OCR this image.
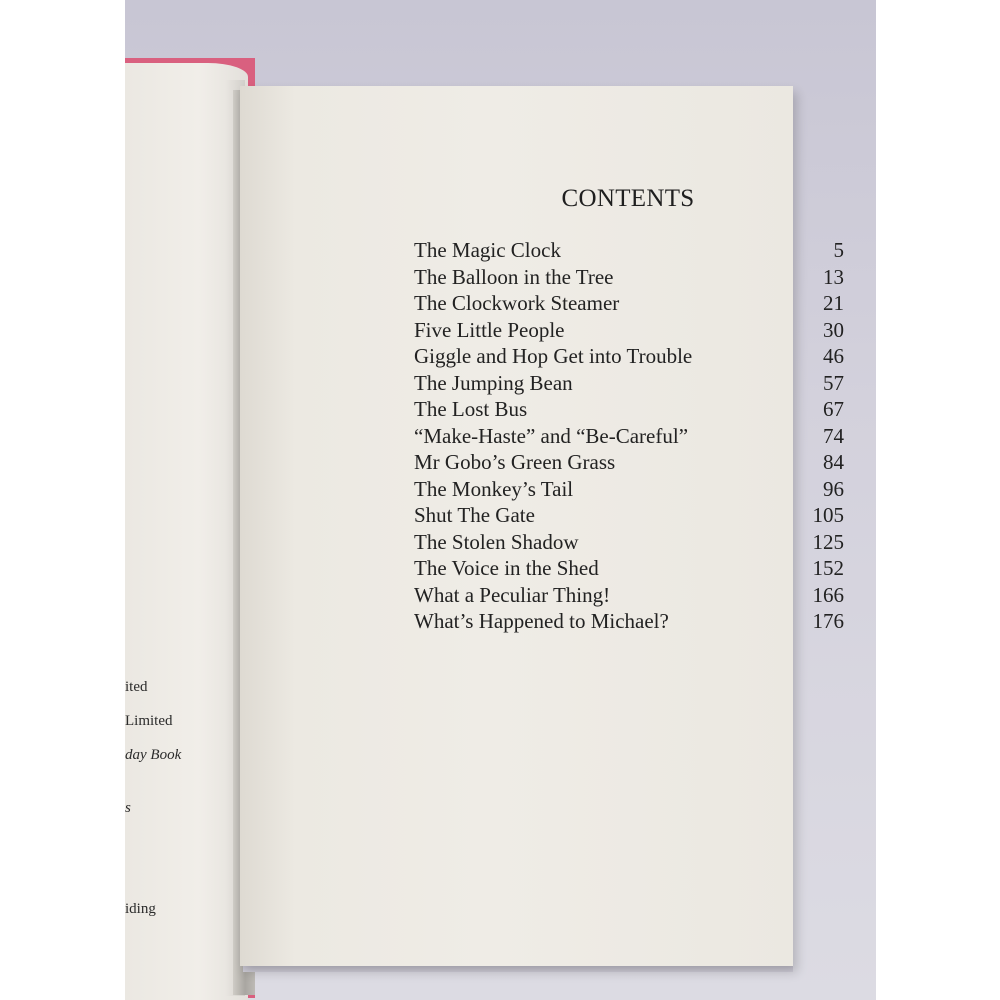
ited
Limited
day Book
s
iding
CONTENTS
The Magic Clock	5
The Balloon in the Tree	13
The Clockwork Steamer	21
Five Little People	30
Giggle and Hop Get into Trouble	46
The Jumping Bean	57
The Lost Bus	67
“Make-Haste” and “Be-Careful”	74
Mr Gobo’s Green Grass	84
The Monkey’s Tail	96
Shut The Gate	105
The Stolen Shadow	125
The Voice in the Shed	152
What a Peculiar Thing!	166
What’s Happened to Michael?	176
